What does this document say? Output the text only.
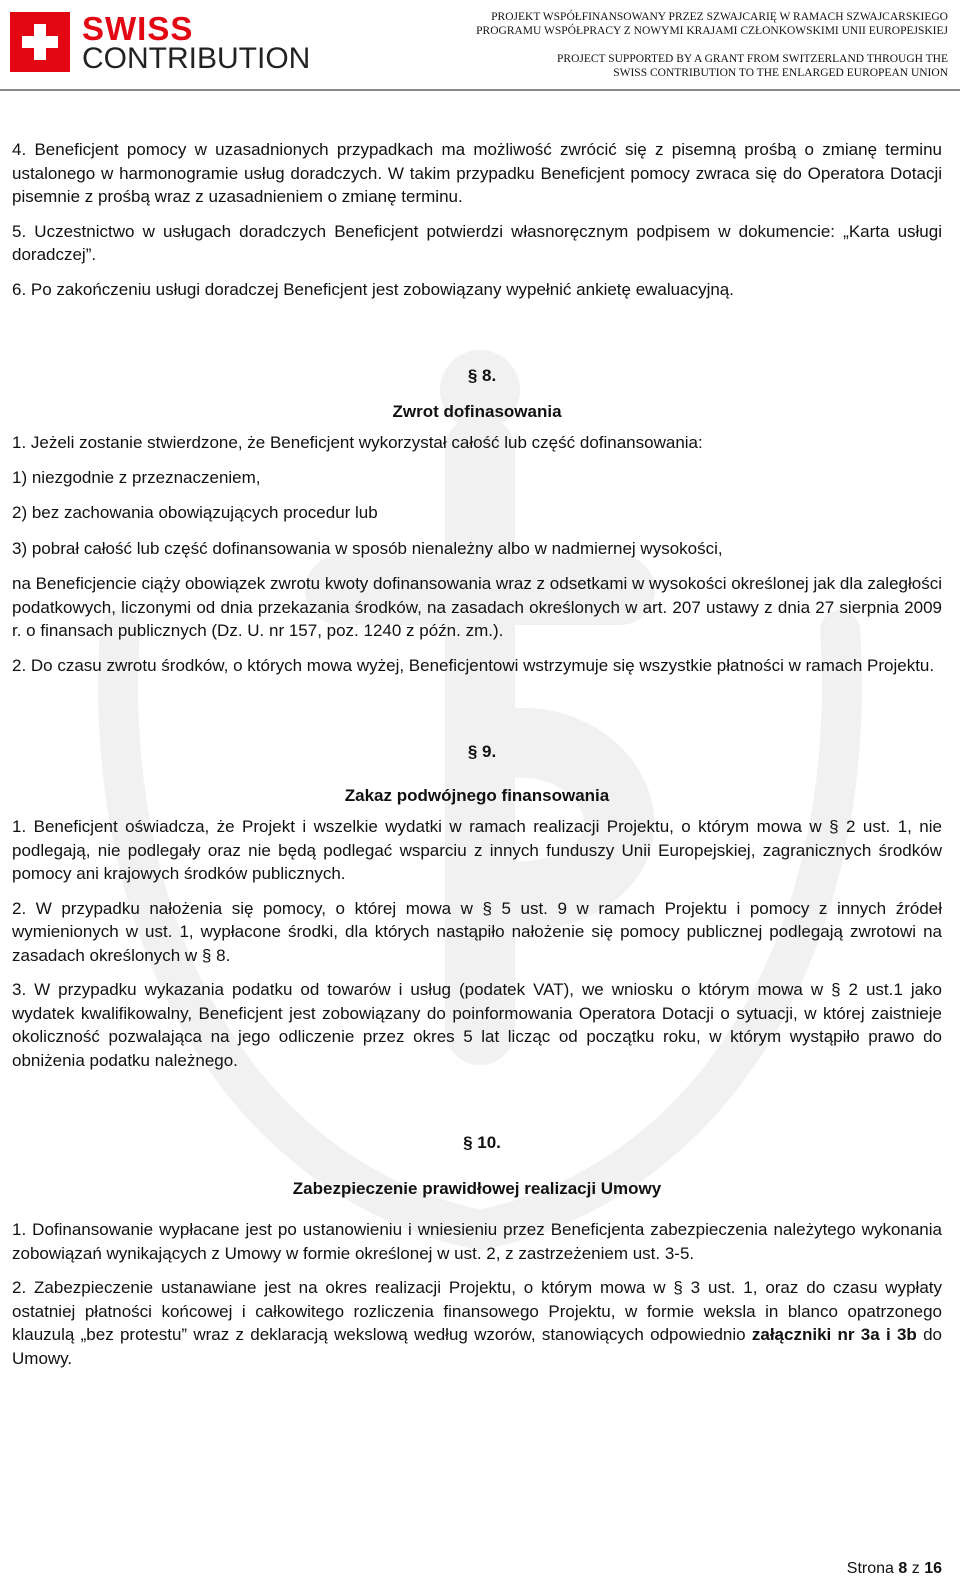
SWISS
CONTRIBUTION
PROJEKT WSPÓŁFINANSOWANY PRZEZ SZWAJCARIĘ W RAMACH SZWAJCARSKIEGO
PROGRAMU WSPÓŁPRACY Z NOWYMI KRAJAMI CZŁONKOWSKIMI UNII EUROPEJSKIEJ
PROJECT SUPPORTED BY A GRANT FROM SWITZERLAND THROUGH THE
SWISS CONTRIBUTION TO THE ENLARGED EUROPEAN UNION

4. Beneficjent pomocy w uzasadnionych przypadkach ma możliwość zwrócić się z pisemną prośbą o zmianę terminu ustalonego w harmonogramie usług doradczych. W takim przypadku Beneficjent pomocy zwraca się do Operatora Dotacji pisemnie z prośbą wraz z uzasadnieniem o zmianę terminu.

5. Uczestnictwo w usługach doradczych Beneficjent potwierdzi własnoręcznym podpisem w dokumencie: „Karta usługi doradczej”.

6. Po zakończeniu usługi doradczej Beneficjent jest zobowiązany wypełnić ankietę ewaluacyjną.

§ 8.

Zwrot dofinasowania

1. Jeżeli zostanie stwierdzone, że Beneficjent wykorzystał całość lub część dofinansowania:

1) niezgodnie z przeznaczeniem,

2) bez zachowania obowiązujących procedur lub

3) pobrał całość lub część dofinansowania w sposób nienależny albo w nadmiernej wysokości,

na Beneficjencie ciąży obowiązek zwrotu kwoty dofinansowania wraz z odsetkami w wysokości określonej jak dla zaległości podatkowych, liczonymi od dnia przekazania środków, na zasadach określonych w art. 207 ustawy z dnia 27 sierpnia 2009 r. o finansach publicznych (Dz. U. nr 157, poz. 1240 z późn. zm.).

2. Do czasu zwrotu środków, o których mowa wyżej, Beneficjentowi wstrzymuje się wszystkie płatności w ramach Projektu.

§ 9.

Zakaz podwójnego finansowania

1. Beneficjent oświadcza, że Projekt i wszelkie wydatki w ramach realizacji Projektu, o którym mowa w § 2 ust. 1, nie podlegają, nie podlegały oraz nie będą podlegać wsparciu z innych funduszy Unii Europejskiej, zagranicznych środków pomocy ani krajowych środków publicznych.

2. W przypadku nałożenia się pomocy, o której mowa w § 5 ust. 9 w ramach Projektu i pomocy z innych źródeł wymienionych w ust. 1, wypłacone środki, dla których nastąpiło nałożenie się pomocy publicznej podlegają zwrotowi na zasadach określonych w § 8.

3. W przypadku wykazania podatku od towarów i usług (podatek VAT), we wniosku o którym mowa w § 2 ust.1 jako wydatek kwalifikowalny, Beneficjent jest zobowiązany do poinformowania Operatora Dotacji o sytuacji, w której zaistnieje okoliczność pozwalająca na jego odliczenie przez okres 5 lat licząc od początku roku, w którym wystąpiło prawo do obniżenia podatku należnego.

§ 10.

Zabezpieczenie prawidłowej realizacji Umowy

1. Dofinansowanie wypłacane jest po ustanowieniu i wniesieniu przez Beneficjenta zabezpieczenia należytego wykonania zobowiązań wynikających z Umowy w formie określonej w ust. 2, z zastrzeżeniem ust. 3-5.

2. Zabezpieczenie ustanawiane jest na okres realizacji Projektu, o którym mowa w § 3 ust. 1, oraz do czasu wypłaty ostatniej płatności końcowej i całkowitego rozliczenia finansowego Projektu, w formie weksla in blanco opatrzonego klauzulą „bez protestu” wraz z deklaracją wekslową według wzorów, stanowiących odpowiednio załączniki nr 3a i 3b do Umowy.

Strona 8 z 16
